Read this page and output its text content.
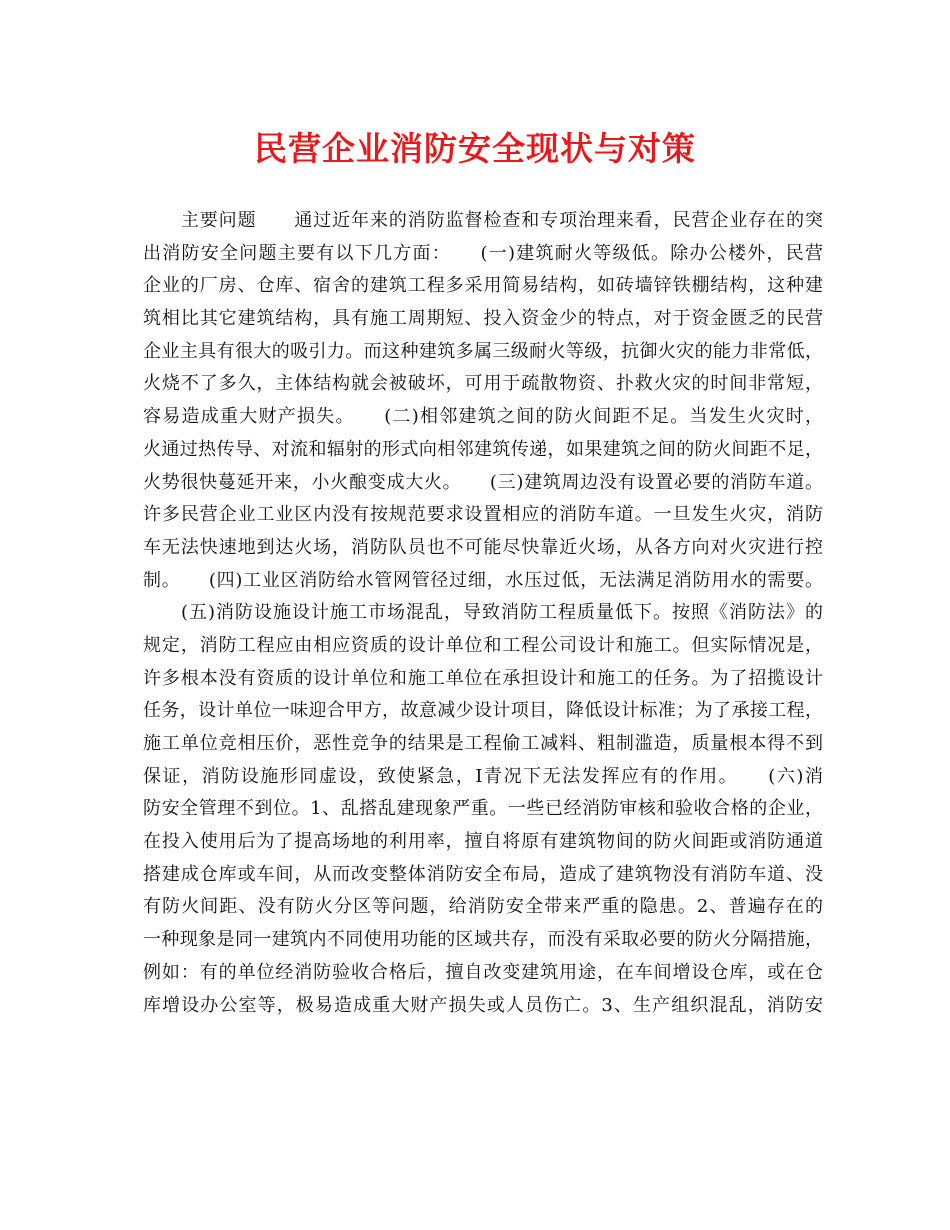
民营企业消防安全现状与对策
　　主要问题　　通过近年来的消防监督检查和专项治理来看，民营企业存在的突
出消防安全问题主要有以下几方面：　　(一)建筑耐火等级低。除办公楼外，民营
企业的厂房、仓库、宿舍的建筑工程多采用简易结构，如砖墙锌铁棚结构，这种建
筑相比其它建筑结构，具有施工周期短、投入资金少的特点，对于资金匮乏的民营
企业主具有很大的吸引力。而这种建筑多属三级耐火等级，抗御火灾的能力非常低，
火烧不了多久，主体结构就会被破坏，可用于疏散物资、扑救火灾的时间非常短，
容易造成重大财产损失。　　(二)相邻建筑之间的防火间距不足。当发生火灾时，
火通过热传导、对流和辐射的形式向相邻建筑传递，如果建筑之间的防火间距不足，
火势很快蔓延开来，小火酿变成大火。　　(三)建筑周边没有设置必要的消防车道。
许多民营企业工业区内没有按规范要求设置相应的消防车道。一旦发生火灾，消防
车无法快速地到达火场，消防队员也不可能尽快靠近火场，从各方向对火灾进行控
制。　　(四)工业区消防给水管网管径过细，水压过低，无法满足消防用水的需要。
　　(五)消防设施设计施工市场混乱，导致消防工程质量低下。按照《消防法》的
规定，消防工程应由相应资质的设计单位和工程公司设计和施工。但实际情况是，
许多根本没有资质的设计单位和施工单位在承担设计和施工的任务。为了招揽设计
任务，设计单位一味迎合甲方，故意减少设计项目，降低设计标准；为了承接工程，
施工单位竞相压价，恶性竞争的结果是工程偷工减料、粗制滥造，质量根本得不到
保证，消防设施形同虚设，致使紧急，I青况下无法发挥应有的作用。　　(六)消
防安全管理不到位。1、乱搭乱建现象严重。一些已经消防审核和验收合格的企业，
在投入使用后为了提高场地的利用率，擅自将原有建筑物间的防火间距或消防通道
搭建成仓库或车间，从而改变整体消防安全布局，造成了建筑物没有消防车道、没
有防火间距、没有防火分区等问题，给消防安全带来严重的隐患。2、普遍存在的
一种现象是同一建筑内不同使用功能的区域共存，而没有采取必要的防火分隔措施，
例如：有的单位经消防验收合格后，擅自改变建筑用途，在车间增设仓库，或在仓
库增设办公室等，极易造成重大财产损失或人员伤亡。3、生产组织混乱，消防安
